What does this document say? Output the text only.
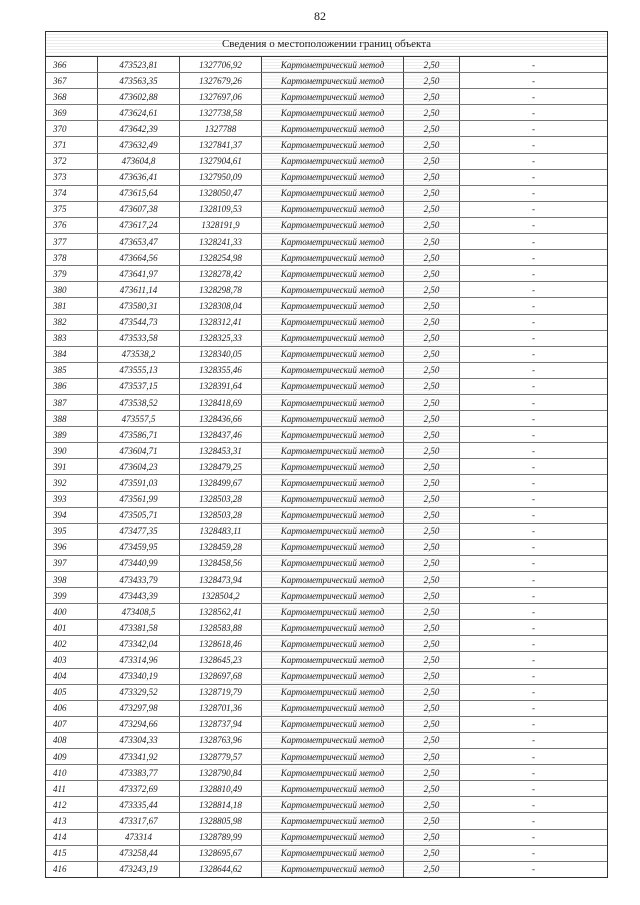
82
Сведения о местоположении границ объекта
366	473523,81	1327706,92	Картометрический метод	2,50	-
367	473563,35	1327679,26	Картометрический метод	2,50	-
368	473602,88	1327697,06	Картометрический метод	2,50	-
369	473624,61	1327738,58	Картометрический метод	2,50	-
370	473642,39	1327788	Картометрический метод	2,50	-
371	473632,49	1327841,37	Картометрический метод	2,50	-
372	473604,8	1327904,61	Картометрический метод	2,50	-
373	473636,41	1327950,09	Картометрический метод	2,50	-
374	473615,64	1328050,47	Картометрический метод	2,50	-
375	473607,38	1328109,53	Картометрический метод	2,50	-
376	473617,24	1328191,9	Картометрический метод	2,50	-
377	473653,47	1328241,33	Картометрический метод	2,50	-
378	473664,56	1328254,98	Картометрический метод	2,50	-
379	473641,97	1328278,42	Картометрический метод	2,50	-
380	473611,14	1328298,78	Картометрический метод	2,50	-
381	473580,31	1328308,04	Картометрический метод	2,50	-
382	473544,73	1328312,41	Картометрический метод	2,50	-
383	473533,58	1328325,33	Картометрический метод	2,50	-
384	473538,2	1328340,05	Картометрический метод	2,50	-
385	473555,13	1328355,46	Картометрический метод	2,50	-
386	473537,15	1328391,64	Картометрический метод	2,50	-
387	473538,52	1328418,69	Картометрический метод	2,50	-
388	473557,5	1328436,66	Картометрический метод	2,50	-
389	473586,71	1328437,46	Картометрический метод	2,50	-
390	473604,71	1328453,31	Картометрический метод	2,50	-
391	473604,23	1328479,25	Картометрический метод	2,50	-
392	473591,03	1328499,67	Картометрический метод	2,50	-
393	473561,99	1328503,28	Картометрический метод	2,50	-
394	473505,71	1328503,28	Картометрический метод	2,50	-
395	473477,35	1328483,11	Картометрический метод	2,50	-
396	473459,95	1328459,28	Картометрический метод	2,50	-
397	473440,99	1328458,56	Картометрический метод	2,50	-
398	473433,79	1328473,94	Картометрический метод	2,50	-
399	473443,39	1328504,2	Картометрический метод	2,50	-
400	473408,5	1328562,41	Картометрический метод	2,50	-
401	473381,58	1328583,88	Картометрический метод	2,50	-
402	473342,04	1328618,46	Картометрический метод	2,50	-
403	473314,96	1328645,23	Картометрический метод	2,50	-
404	473340,19	1328697,68	Картометрический метод	2,50	-
405	473329,52	1328719,79	Картометрический метод	2,50	-
406	473297,98	1328701,36	Картометрический метод	2,50	-
407	473294,66	1328737,94	Картометрический метод	2,50	-
408	473304,33	1328763,96	Картометрический метод	2,50	-
409	473341,92	1328779,57	Картометрический метод	2,50	-
410	473383,77	1328790,84	Картометрический метод	2,50	-
411	473372,69	1328810,49	Картометрический метод	2,50	-
412	473335,44	1328814,18	Картометрический метод	2,50	-
413	473317,67	1328805,98	Картометрический метод	2,50	-
414	473314	1328789,99	Картометрический метод	2,50	-
415	473258,44	1328695,67	Картометрический метод	2,50	-
416	473243,19	1328644,62	Картометрический метод	2,50	-
